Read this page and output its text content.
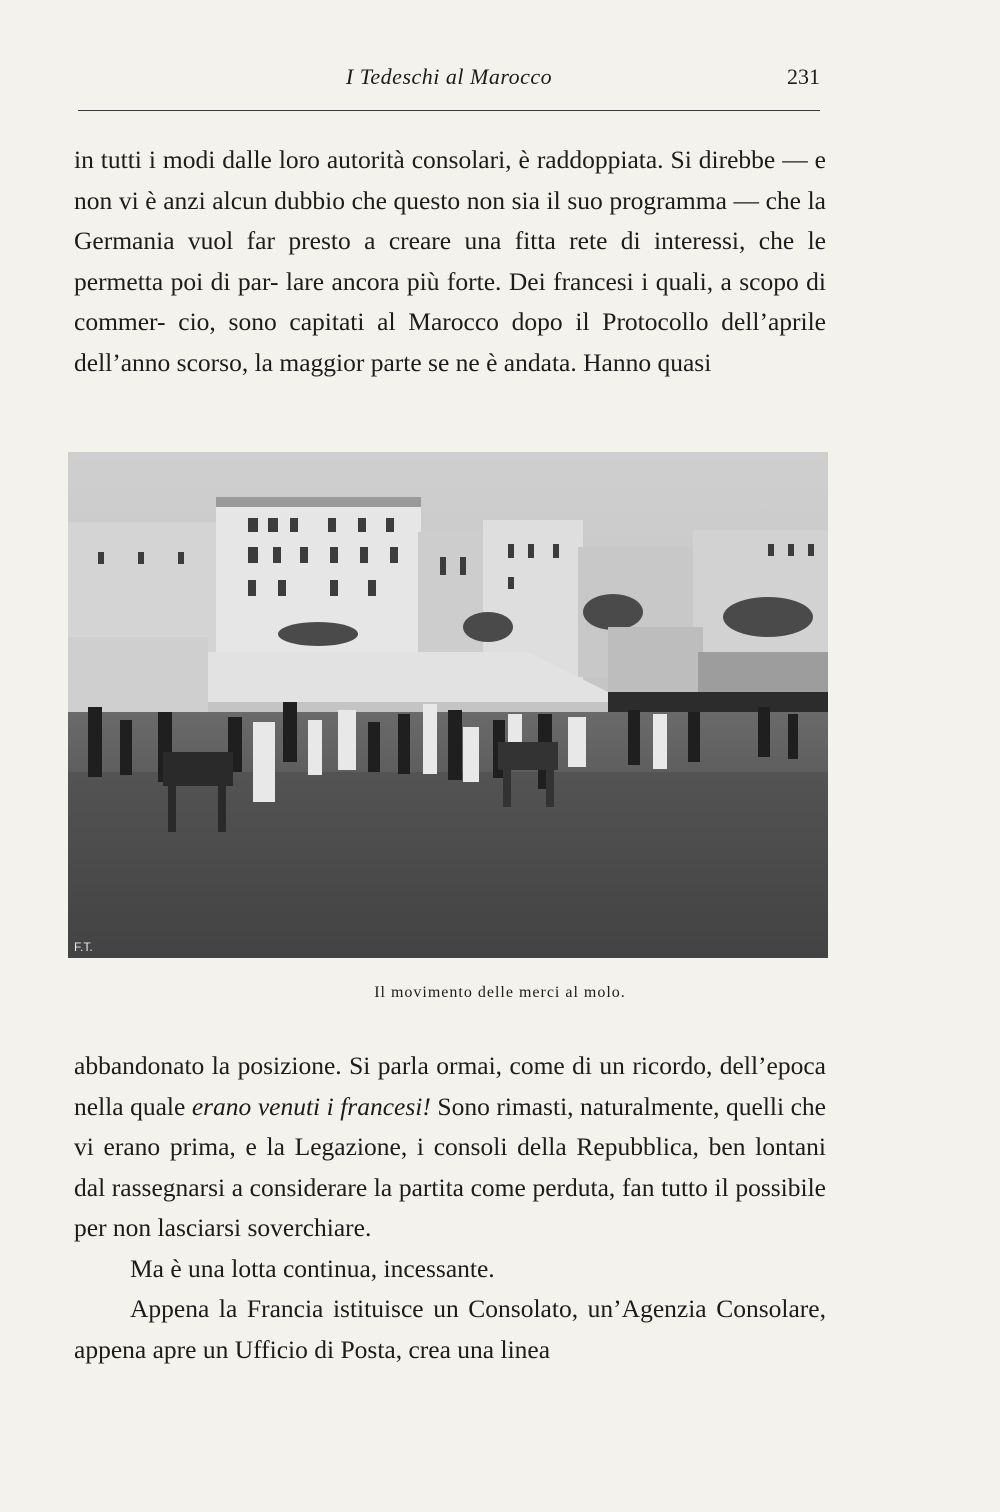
I Tedeschi al Marocco	231

in tutti i modi dalle loro autorità consolari, è raddoppiata. Si direbbe — e non vi è anzi alcun dubbio che questo non sia il suo programma — che la Germania vuol far presto a creare una fitta rete di interessi, che le permetta poi di par- lare ancora più forte. Dei francesi i quali, a scopo di commer- cio, sono capitati al Marocco dopo il Protocollo dell’aprile dell’anno scorso, la maggior parte se ne è andata. Hanno quasi

F.T.
Il movimento delle merci al molo.

abbandonato la posizione. Si parla ormai, come di un ricordo, dell’epoca nella quale erano venuti i francesi! Sono rimasti, naturalmente, quelli che vi erano prima, e la Legazione, i consoli della Repubblica, ben lontani dal rassegnarsi a considerare la partita come perduta, fan tutto il possibile per non lasciarsi soverchiare.

Ma è una lotta continua, incessante.

Appena la Francia istituisce un Consolato, un’Agenzia Consolare, appena apre un Ufficio di Posta, crea una linea
